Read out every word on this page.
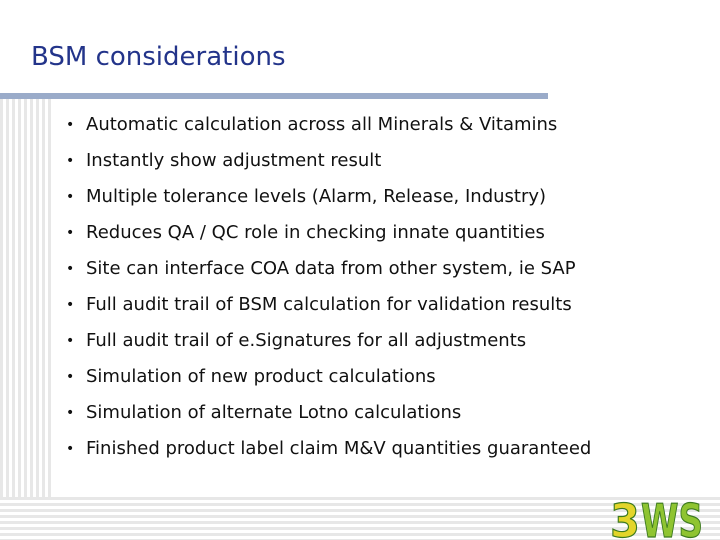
BSM considerations
• Automatic calculation across all Minerals & Vitamins
• Instantly show adjustment result
• Multiple tolerance levels (Alarm, Release, Industry)
• Reduces QA / QC role in checking innate quantities
• Site can interface COA data from other system, ie SAP
• Full audit trail of BSM calculation for validation results
• Full audit trail of e.Signatures for all adjustments
• Simulation of new product calculations
• Simulation of alternate Lotno calculations
• Finished product label claim M&V quantities guaranteed
3 WS
